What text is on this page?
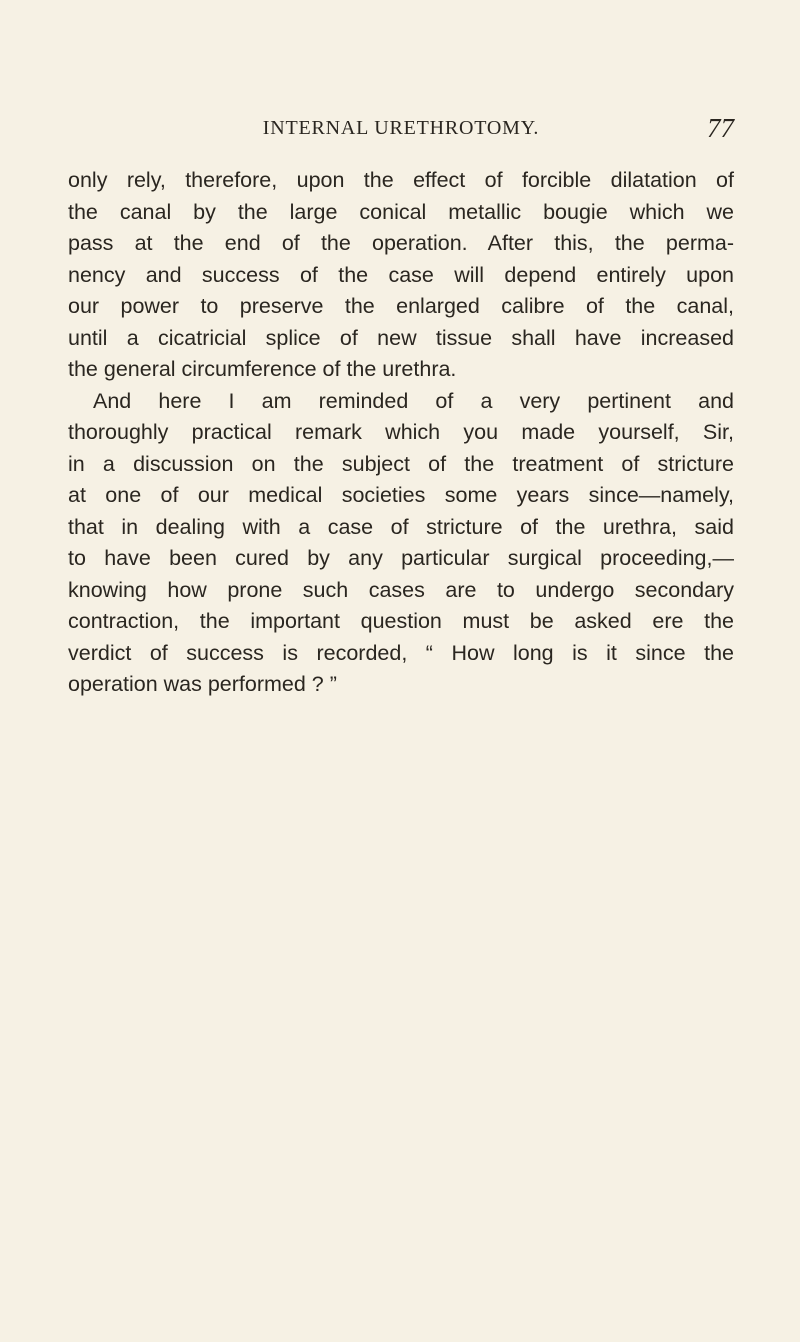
INTERNAL URETHROTOMY.	77
only rely, therefore, upon the effect of forcible dilatation of
the canal by the large conical metallic bougie which we
pass at the end of the operation. After this, the perma-
nency and success of the case will depend entirely upon
our power to preserve the enlarged calibre of the canal,
until a cicatricial splice of new tissue shall have increased
the general circumference of the urethra.
And here I am reminded of a very pertinent and
thoroughly practical remark which you made yourself, Sir,
in a discussion on the subject of the treatment of stricture
at one of our medical societies some years since—namely,
that in dealing with a case of stricture of the urethra, said
to have been cured by any particular surgical proceeding,—
knowing how prone such cases are to undergo secondary
contraction, the important question must be asked ere the
verdict of success is recorded, “ How long is it since the
operation was performed ? ”
